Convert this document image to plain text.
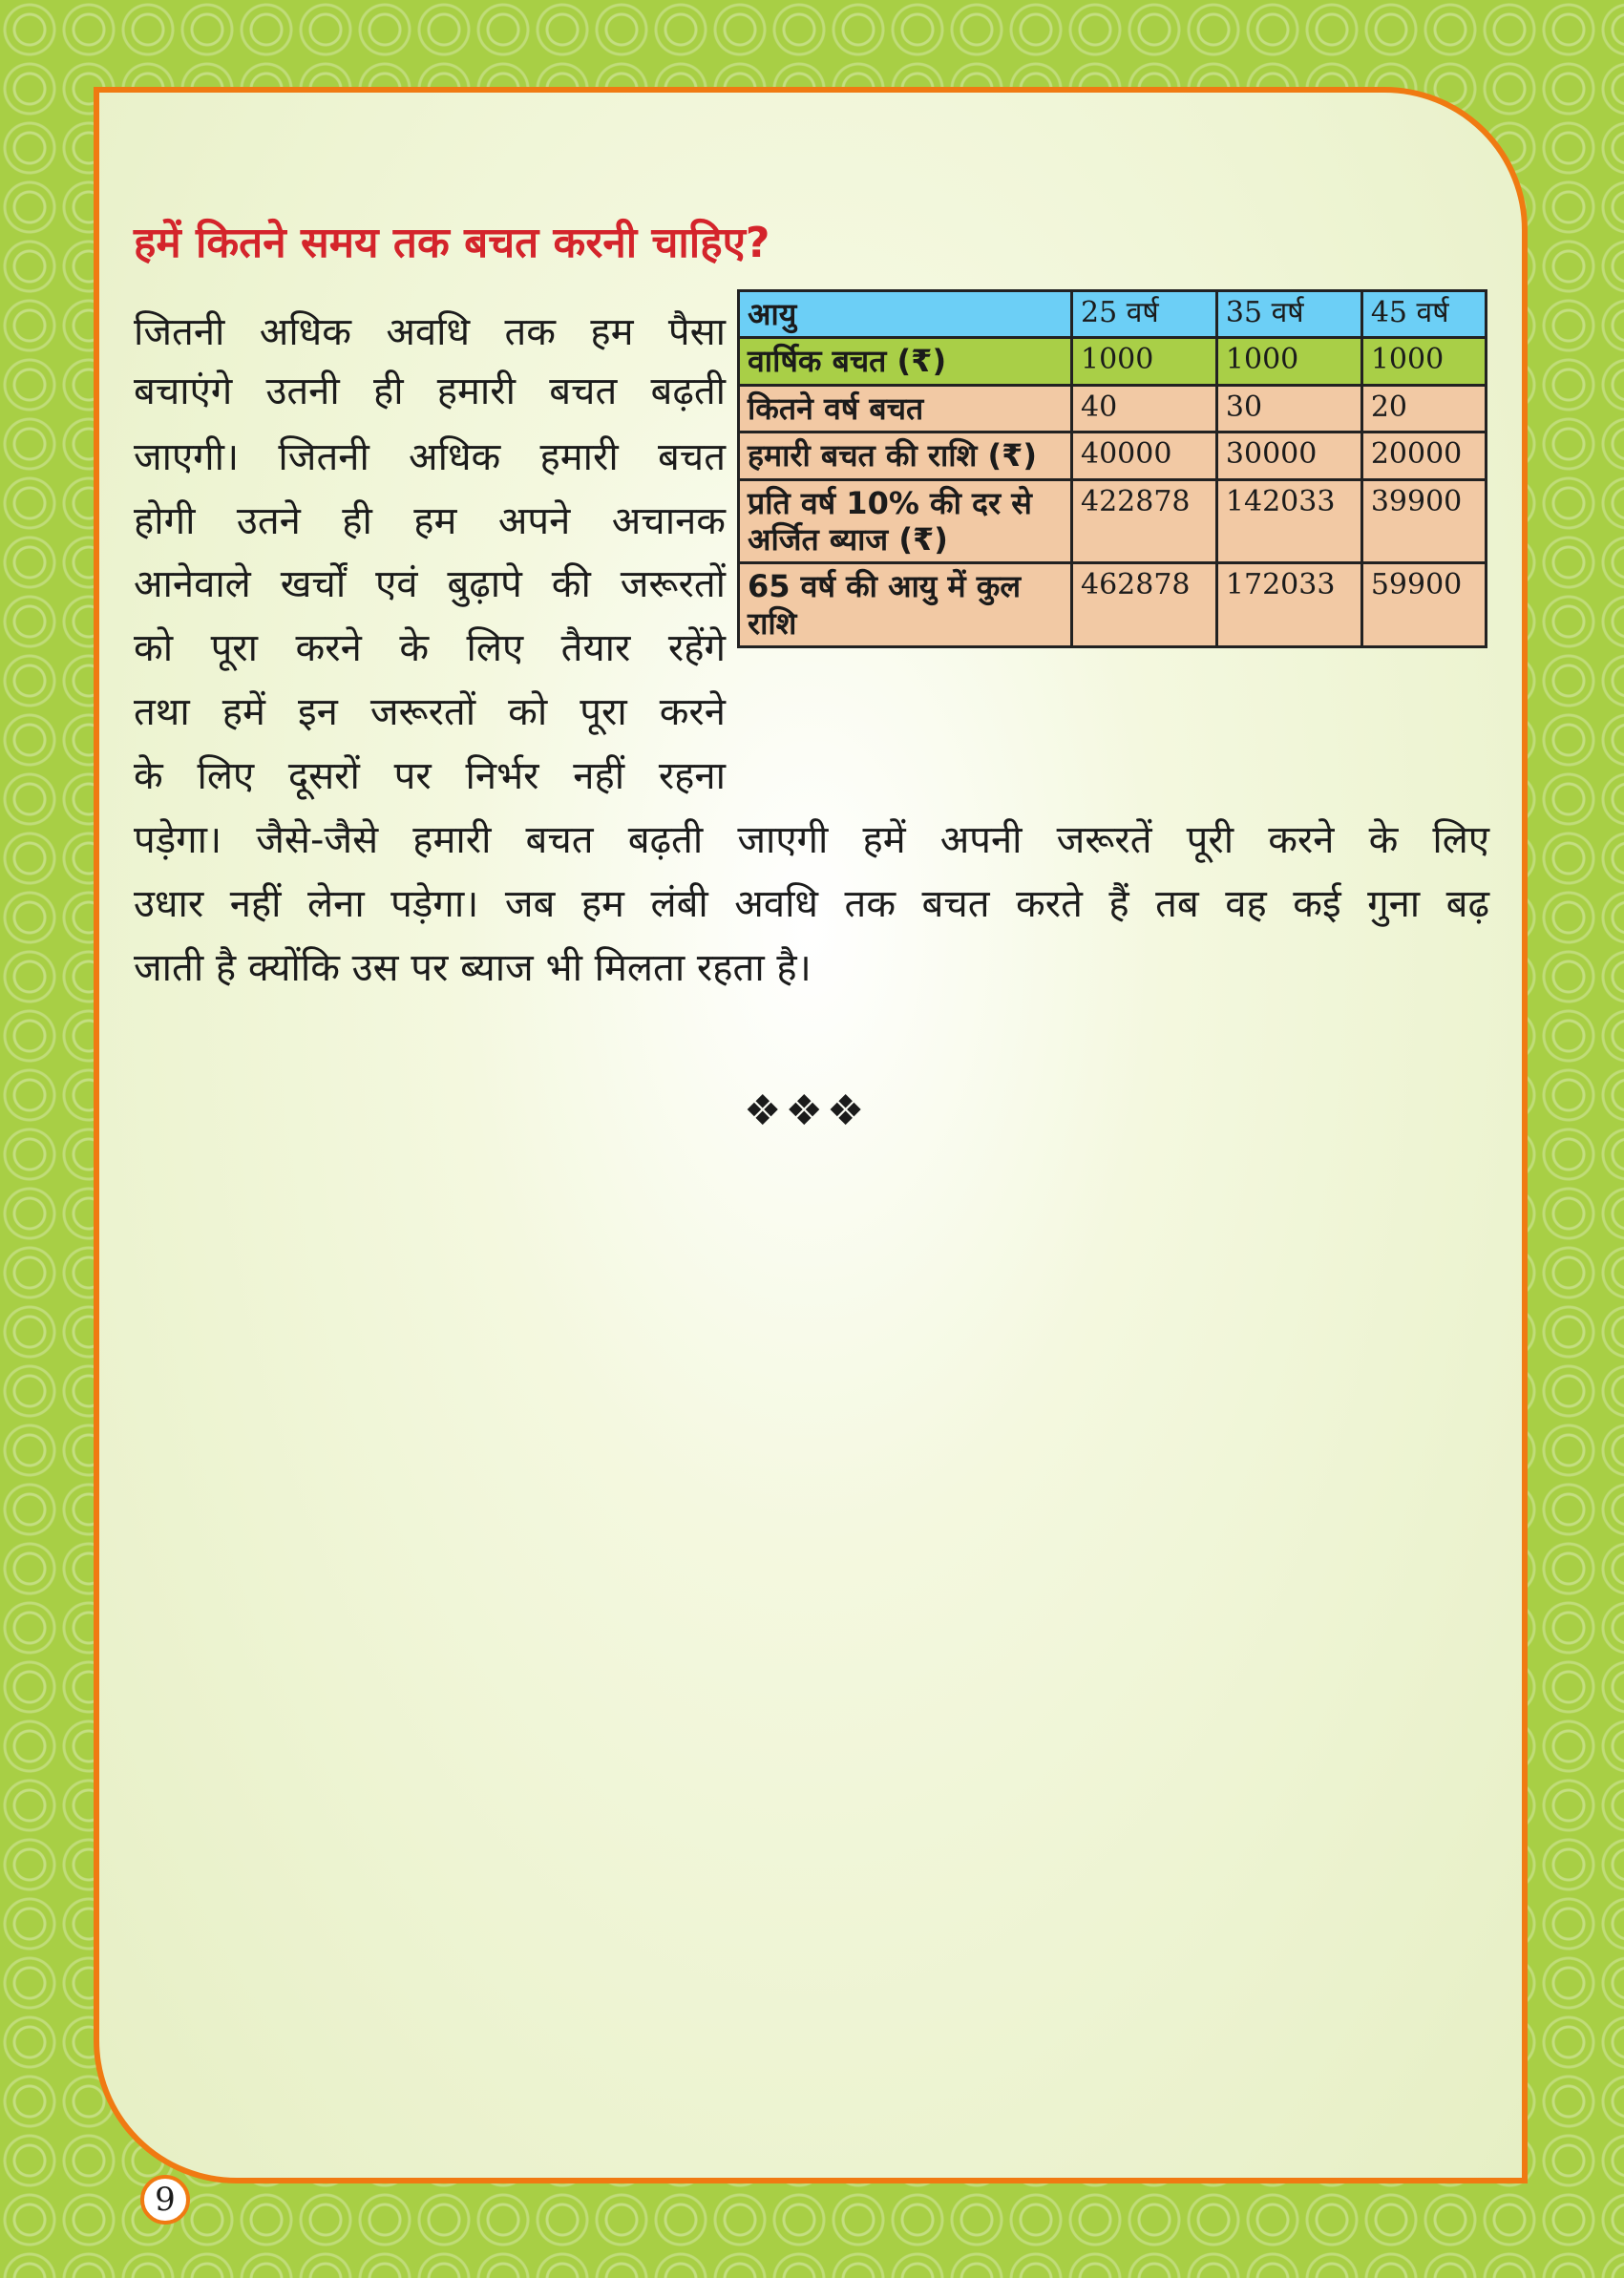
हमें कितने समय तक बचत करनी चाहिए?
जितनी अधिक अवधि तक हम पैसा
बचाएंगे उतनी ही हमारी बचत बढ़ती
जाएगी। जितनी अधिक हमारी बचत
होगी उतने ही हम अपने अचानक
आनेवाले खर्चों एवं बुढ़ापे की जरूरतों
को पूरा करने के लिए तैयार रहेंगे
तथा हमें इन जरूरतों को पूरा करने
के लिए दूसरों पर निर्भर नहीं रहना
पड़ेगा। जैसे-जैसे हमारी बचत बढ़ती जाएगी हमें अपनी जरूरतें पूरी करने के लिए
उधार नहीं लेना पड़ेगा। जब हम लंबी अवधि तक बचत करते हैं तब वह कई गुना बढ़
जाती है क्योंकि उस पर ब्याज भी मिलता रहता है।
आयु	25 वर्ष	35 वर्ष	45 वर्ष
वार्षिक बचत (₹)	1000	1000	1000
कितने वर्ष बचत	40	30	20
हमारी बचत की राशि (₹)	40000	30000	20000
प्रति वर्ष 10% की दर से अर्जित ब्याज (₹)	422878	142033	39900
65 वर्ष की आयु में कुल राशि	462878	172033	59900
❖❖❖
9
